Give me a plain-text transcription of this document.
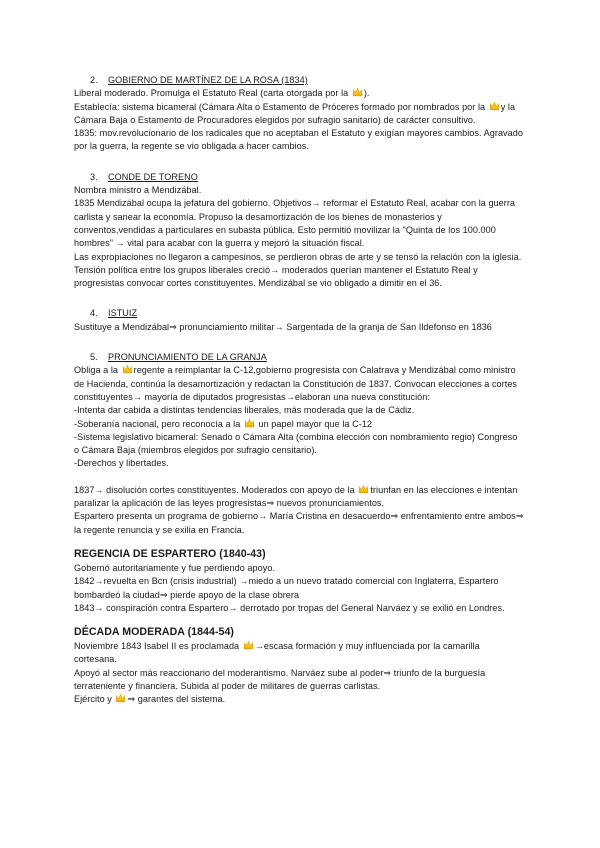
2.	GOBIERNO DE MARTÍNEZ DE LA ROSA (1834)

Liberal moderado. Promulga el Estatuto Real (carta otorgada por la ).

Establecía: sistema bicameral (Cámara Alta o Estamento de Próceres formado por nombrados por la y la Cámara Baja o Estamento de Procuradores elegidos por sufragio sanitario) de carácter consultivo.

1835: mov.revolucionario de los radicales que no aceptaban el Estatuto y exigían mayores cambios. Agravado por la guerra, la regente se vio obligada a hacer cambios.

3.	CONDE DE TORENO

Nombra ministro a Mendizábal.

1835 Mendizábal ocupa la jefatura del gobierno. Objetivos→ reformar el Estatuto Real, acabar con la guerra carlista y sanear la economía. Propuso la desamortización de los bienes de monasterios y conventos,vendidas a particulares en subasta pública. Esto permitió movilizar la "Quinta de los 100.000 hombres" → vital para acabar con la guerra y mejoró la situación fiscal.

Las expropiaciones no llegaron a campesinos, se perdieron obras de arte y se tensó la relación con la iglesia.

Tensión política entre los grupos liberales creció→ moderados querían mantener el Estatuto Real y progresistas convocar cortes constituyentes. Mendizábal se vio obligado a dimitir en el 36.

4.	ISTUIZ

Sustituye a Mendizábal⇒ pronunciamiento militar→ Sargentada de la granja de San Ildefonso en 1836

5.	PRONUNCIAMIENTO DE LA GRANJA

Obliga a la regente a reimplantar la C-12,gobierno progresista con Calatrava y Mendizábal como ministro de Hacienda, continúa la desamortización y redactan la Constitución de 1837. Convocan elecciones a cortes constituyentes→ mayoría de diputados progresistas→elaboran una nueva constitución:

-Intenta dar cabida a distintas tendencias liberales, más moderada que la de Cádiz.

-Soberanía nacional, pero reconocía a la  un papel mayor que la C-12

-Sistema legislativo bicameral: Senado o Cámara Alta (combina elección con nombramiento regio) Congreso o Cámara Baja (miembros elegidos por sufragio censitario).

-Derechos y libertades.

1837→ disolución cortes constituyentes. Moderados con apoyo de la triunfan en las elecciones e intentan paralizar la aplicación de las leyes progresistas⇒ nuevos pronunciamientos.

Espartero presenta un programa de gobierno→ María Cristina en desacuerdo⇒ enfrentamiento entre ambos⇒ la regente renuncia y se exilia en Francia.

REGENCIA DE ESPARTERO (1840-43)

Gobernó autoritariamente y fue perdiendo apoyo.

1842→revuelta en Bcn (crisis industrial) →miedo a un nuevo tratado comercial con Inglaterra, Espartero bombardeó la ciudad⇒ pierde apoyo de la clase obrera

1843→ conspiración contra Espartero→ derrotado por tropas del General Narváez y se exilió en Londres.

DÉCADA MODERADA (1844-54)

Noviembre 1843 Isabel II es proclamada →escasa formación y muy influenciada por la camarilla cortesana.

Apoyó al sector más reaccionario del moderantismo. Narváez sube al poder⇒ triunfo de la burguesía terrateniente y financiera. Subida al poder de militares de guerras carlistas.

Ejército y ⇒ garantes del sistema.
